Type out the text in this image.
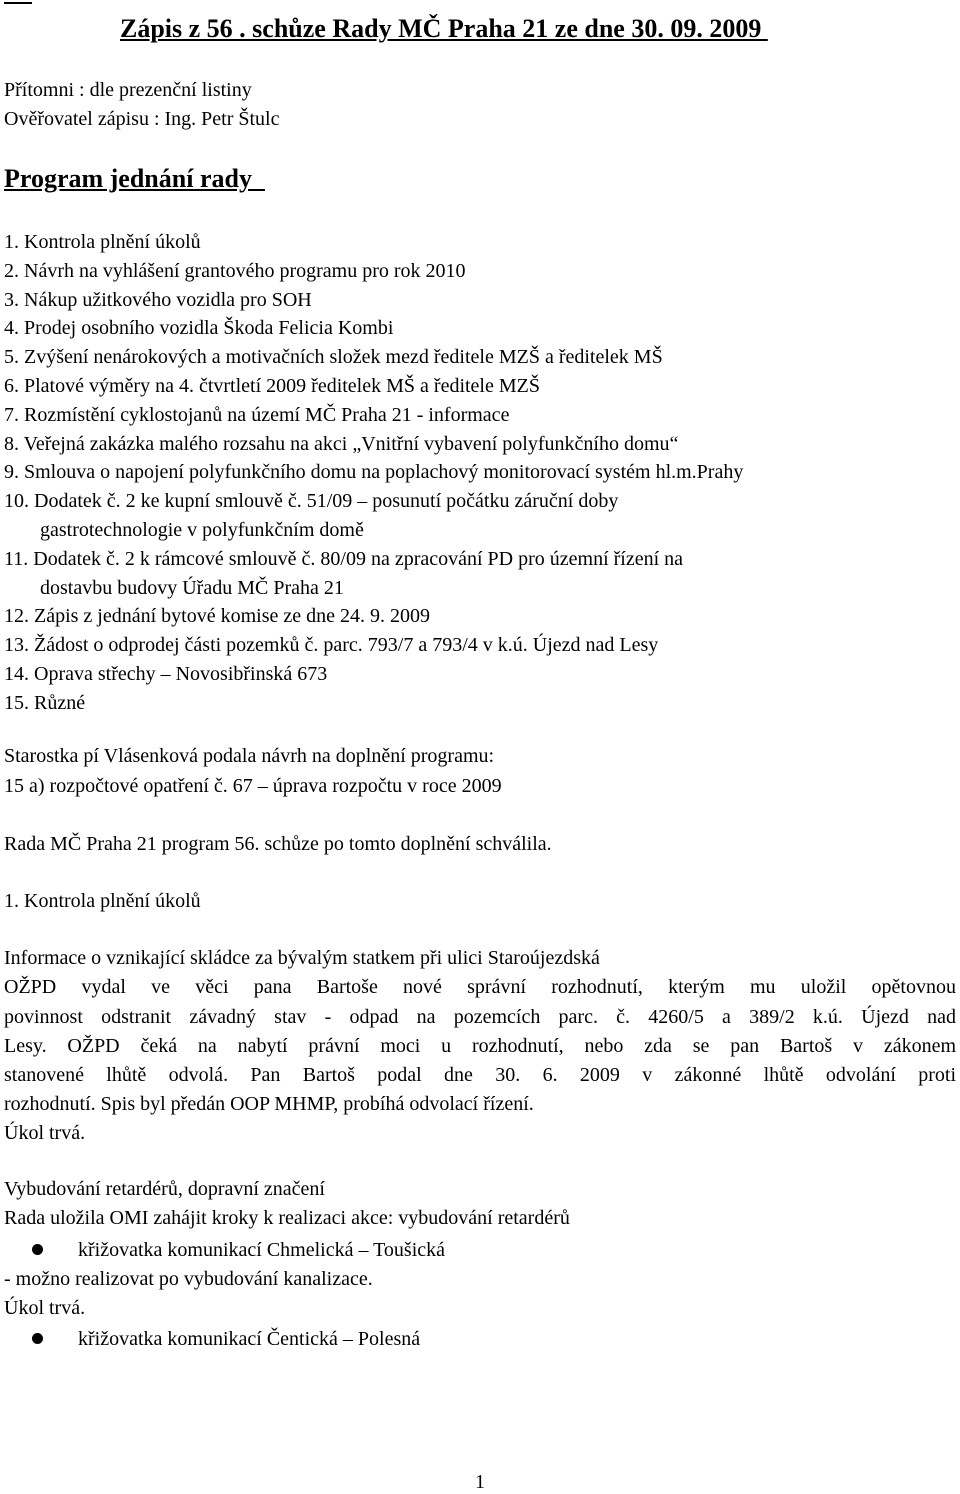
Zápis z 56 . schůze Rady MČ Praha 21 ze dne 30. 09. 2009
Přítomni : dle prezenční listiny
Ověřovatel zápisu : Ing. Petr Štulc
Program jednání rady
1. Kontrola plnění úkolů
2. Návrh na vyhlášení grantového programu pro rok 2010
3. Nákup užitkového vozidla pro SOH
4. Prodej osobního vozidla Škoda Felicia Kombi
5. Zvýšení nenárokových a motivačních složek mezd ředitele MZŠ a ředitelek MŠ
6. Platové výměry na 4. čtvrtletí 2009 ředitelek MŠ a ředitele MZŠ
7. Rozmístění cyklostojanů na území MČ Praha 21 - informace
8. Veřejná zakázka malého rozsahu na akci „Vnitřní vybavení polyfunkčního domu“
9. Smlouva o napojení polyfunkčního domu na poplachový monitorovací systém hl.m.Prahy
10. Dodatek č. 2 ke kupní smlouvě č. 51/09 – posunutí počátku záruční doby
gastrotechnologie v polyfunkčním domě
11. Dodatek č. 2 k rámcové smlouvě č. 80/09 na zpracování PD pro územní řízení na
dostavbu budovy Úřadu MČ Praha 21
12. Zápis z jednání bytové komise ze dne 24. 9. 2009
13. Žádost o odprodej části pozemků č. parc. 793/7 a 793/4 v k.ú. Újezd nad Lesy
14. Oprava střechy – Novosibřinská 673
15. Různé
Starostka pí Vlásenková podala návrh na doplnění programu:
15 a) rozpočtové opatření č. 67 – úprava rozpočtu v roce 2009
Rada MČ Praha 21 program 56. schůze po tomto doplnění schválila.
1. Kontrola plnění úkolů
Informace o vznikající skládce za bývalým statkem při ulici Staroújezdská
OŽPD vydal ve věci pana Bartoše nové správní rozhodnutí, kterým mu uložil opětovnou
povinnost odstranit závadný stav - odpad na pozemcích parc. č. 4260/5 a 389/2 k.ú. Újezd nad
Lesy. OŽPD čeká na nabytí právní moci u rozhodnutí, nebo zda se pan Bartoš v zákonem
stanovené lhůtě odvolá. Pan Bartoš podal dne 30. 6. 2009 v zákonné lhůtě odvolání proti
rozhodnutí. Spis byl předán OOP MHMP, probíhá odvolací řízení.
Úkol trvá.
Vybudování retardérů, dopravní značení
Rada uložila OMI zahájit kroky k realizaci akce: vybudování retardérů
křižovatka komunikací Chmelická – Toušická
- možno realizovat po vybudování kanalizace.
Úkol trvá.
křižovatka komunikací Čentická – Polesná
1
